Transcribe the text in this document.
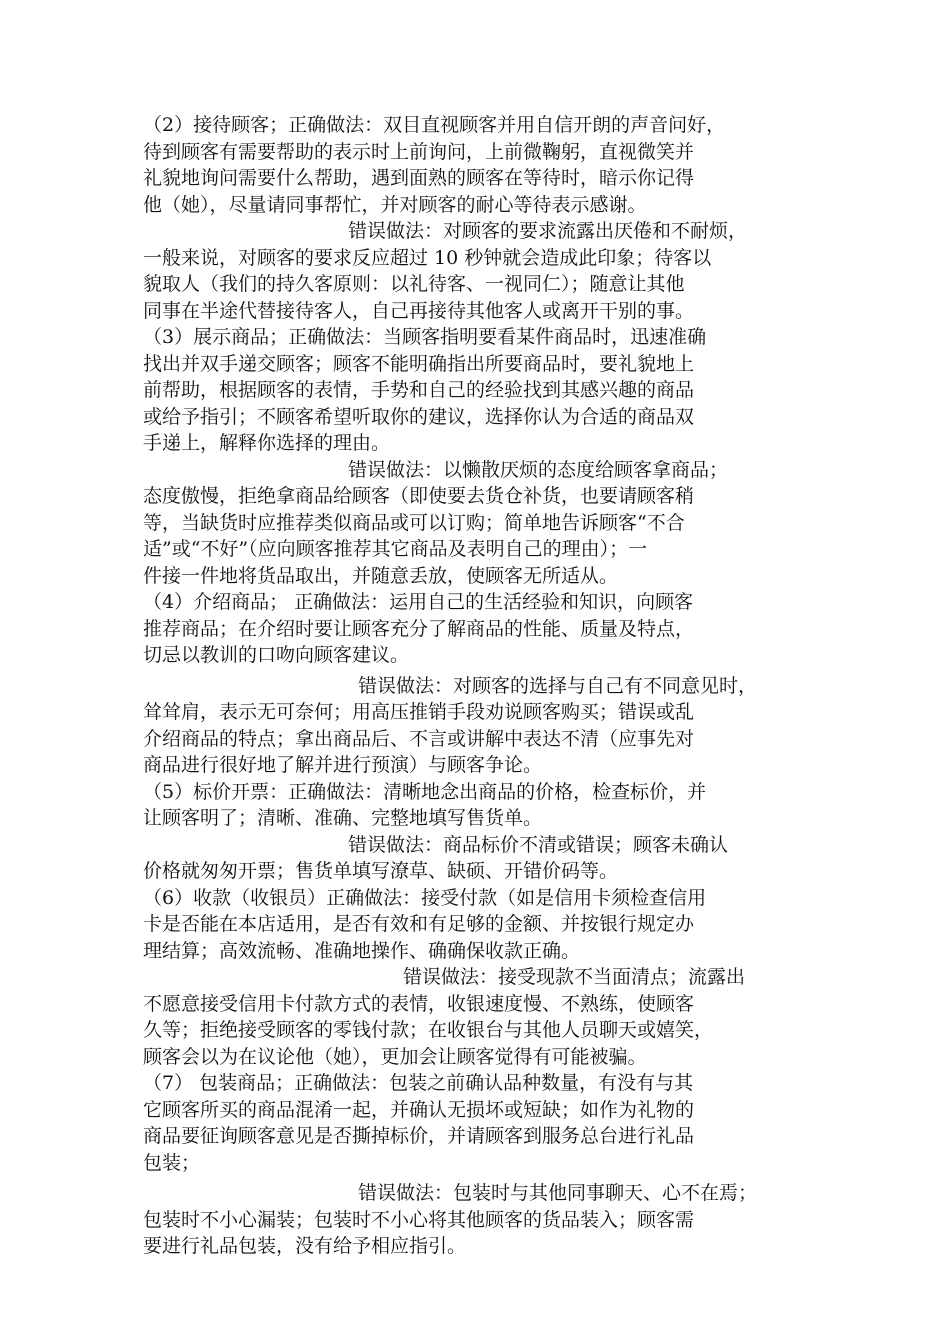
（2）接待顾客；正确做法：双目直视顾客并用自信开朗的声音问好，
待到顾客有需要帮助的表示时上前询问，上前微鞠躬，直视微笑并
礼貌地询问需要什么帮助，遇到面熟的顾客在等待时，暗示你记得
他（她），尽量请同事帮忙，并对顾客的耐心等待表示感谢。
错误做法：对顾客的要求流露出厌倦和不耐烦，
一般来说，对顾客的要求反应超过 10 秒钟就会造成此印象；待客以
貌取人（我们的持久客原则：以礼待客、一视同仁）；随意让其他
同事在半途代替接待客人，自己再接待其他客人或离开干别的事。
（3）展示商品；正确做法：当顾客指明要看某件商品时，迅速准确
找出并双手递交顾客；顾客不能明确指出所要商品时，要礼貌地上
前帮助，根据顾客的表情，手势和自己的经验找到其感兴趣的商品
或给予指引；不顾客希望听取你的建议，选择你认为合适的商品双
手递上，解释你选择的理由。
错误做法：以懒散厌烦的态度给顾客拿商品；
态度傲慢，拒绝拿商品给顾客（即使要去货仓补货，也要请顾客稍
等，当缺货时应推荐类似商品或可以订购；简单地告诉顾客“不合
适”或“不好”（应向顾客推荐其它商品及表明自己的理由）；一
件接一件地将货品取出，并随意丢放，使顾客无所适从。
（4）介绍商品； 正确做法：运用自己的生活经验和知识，向顾客
推荐商品；在介绍时要让顾客充分了解商品的性能、质量及特点，
切忌以教训的口吻向顾客建议。
错误做法：对顾客的选择与自己有不同意见时，
耸耸肩，表示无可奈何；用高压推销手段劝说顾客购买；错误或乱
介绍商品的特点；拿出商品后、不言或讲解中表达不清（应事先对
商品进行很好地了解并进行预演）与顾客争论。
（5）标价开票：正确做法：清晰地念出商品的价格，检查标价，并
让顾客明了；清晰、准确、完整地填写售货单。
错误做法：商品标价不清或错误；顾客未确认
价格就匆匆开票；售货单填写潦草、缺硕、开错价码等。
（6）收款（收银员）正确做法：接受付款（如是信用卡须检查信用
卡是否能在本店适用，是否有效和有足够的金额、并按银行规定办
理结算；高效流畅、准确地操作、确确保收款正确。
错误做法：接受现款不当面清点；流露出
不愿意接受信用卡付款方式的表情，收银速度慢、不熟练，使顾客
久等；拒绝接受顾客的零钱付款；在收银台与其他人员聊天或嬉笑，
顾客会以为在议论他（她），更加会让顾客觉得有可能被骗。
（7） 包装商品；正确做法：包装之前确认品种数量，有没有与其
它顾客所买的商品混淆一起，并确认无损坏或短缺；如作为礼物的
商品要征询顾客意见是否撕掉标价，并请顾客到服务总台进行礼品
包装；
错误做法：包装时与其他同事聊天、心不在焉；
包装时不小心漏装；包装时不小心将其他顾客的货品装入；顾客需
要进行礼品包装，没有给予相应指引。
